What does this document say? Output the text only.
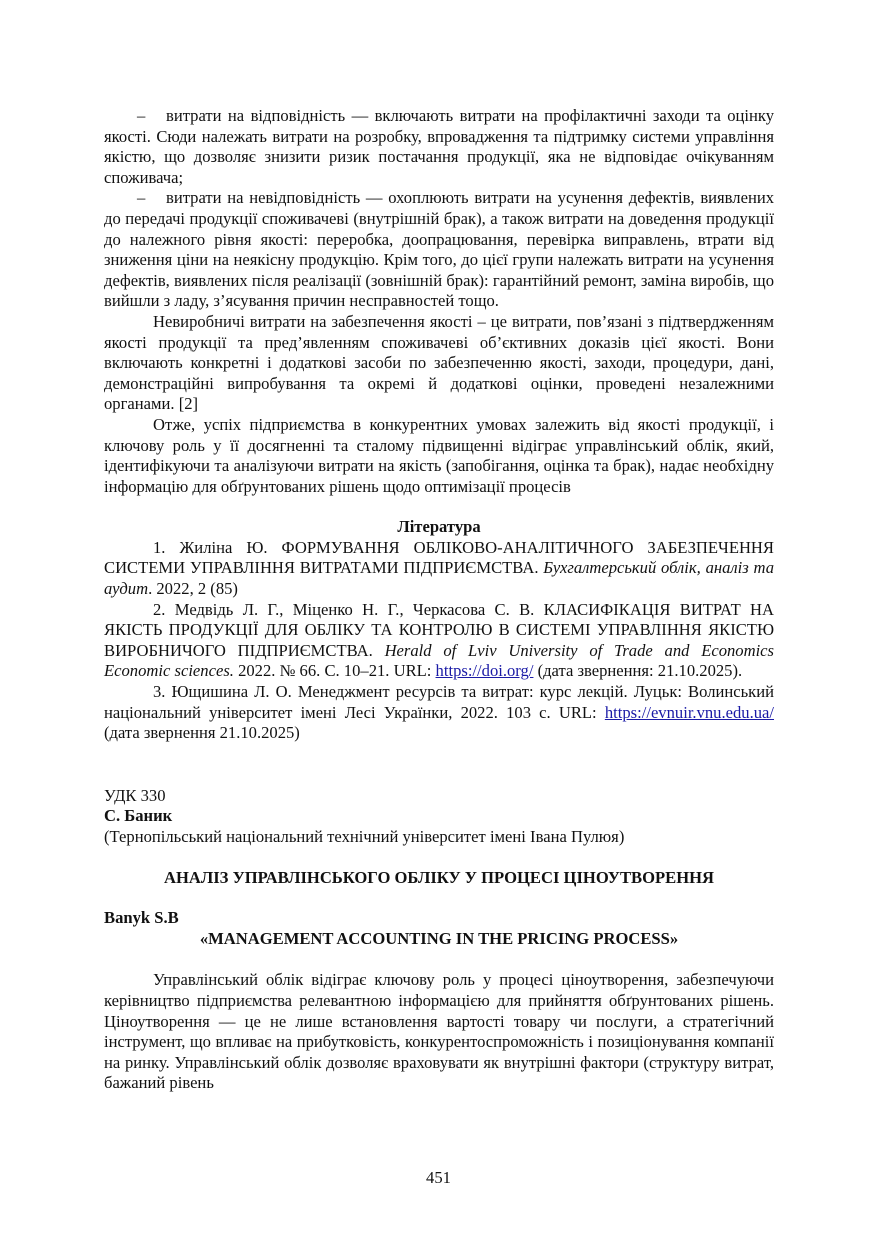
– витрати на відповідність — включають витрати на профілактичні заходи та оцінку якості. Сюди належать витрати на розробку, впровадження та підтримку системи управління якістю, що дозволяє знизити ризик постачання продукції, яка не відповідає очікуванням споживача;

– витрати на невідповідність — охоплюють витрати на усунення дефектів, виявлених до передачі продукції споживачеві (внутрішній брак), а також витрати на доведення продукції до належного рівня якості: переробка, доопрацювання, перевірка виправлень, втрати від зниження ціни на неякісну продукцію. Крім того, до цієї групи належать витрати на усунення дефектів, виявлених після реалізації (зовнішній брак): гарантійний ремонт, заміна виробів, що вийшли з ладу, з’ясування причин несправностей тощо.

Невиробничі витрати на забезпечення якості – це витрати, пов’язані з підтвердженням якості продукції та пред’явленням споживачеві об’єктивних доказів цієї якості. Вони включають конкретні і додаткові засоби по забезпеченню якості, заходи, процедури, дані, демонстраційні випробування та окремі й додаткові оцінки, проведені незалежними органами. [2]

Отже, успіх підприємства в конкурентних умовах залежить від якості продукції, і ключову роль у її досягненні та сталому підвищенні відіграє управлінський облік, який, ідентифікуючи та аналізуючи витрати на якість (запобігання, оцінка та брак), надає необхідну інформацію для обґрунтованих рішень щодо оптимізації процесів

Література

1. Жиліна Ю. ФОРМУВАННЯ ОБЛІКОВО-АНАЛІТИЧНОГО ЗАБЕЗПЕЧЕННЯ СИСТЕМИ УПРАВЛІННЯ ВИТРАТАМИ ПІДПРИЄМСТВА. Бухгалтерський облік, аналіз та аудит. 2022, 2 (85)

2. Медвідь Л. Г., Міценко Н. Г., Черкасова С. В. КЛАСИФІКАЦІЯ ВИТРАТ НА ЯКІСТЬ ПРОДУКЦІЇ ДЛЯ ОБЛІКУ ТА КОНТРОЛЮ В СИСТЕМІ УПРАВЛІННЯ ЯКІСТЮ ВИРОБНИЧОГО ПІДПРИЄМСТВА. Herald of Lviv University of Trade and Economics Economic sciences. 2022. № 66. С. 10–21. URL: https://doi.org/ (дата звернення: 21.10.2025).

3. Ющишина Л. О. Менеджмент ресурсів та витрат: курс лекцій. Луцьк: Волинський національний університет імені Лесі Українки, 2022. 103 с. URL: https://evnuir.vnu.edu.ua/ (дата звернення 21.10.2025)

УДК 330

С. Баник

(Тернопільський національний технічний університет імені Івана Пулюя)

АНАЛІЗ УПРАВЛІНСЬКОГО ОБЛІКУ У ПРОЦЕСІ ЦІНОУТВОРЕННЯ

Banyk S.B

«MANAGEMENT ACCOUNTING IN THE PRICING PROCESS»

Управлінський облік відіграє ключову роль у процесі ціноутворення, забезпечуючи керівництво підприємства релевантною інформацією для прийняття обґрунтованих рішень. Ціноутворення — це не лише встановлення вартості товару чи послуги, а стратегічний інструмент, що впливає на прибутковість, конкурентоспроможність і позиціонування компанії на ринку. Управлінський облік дозволяє враховувати як внутрішні фактори (структуру витрат, бажаний рівень

451
